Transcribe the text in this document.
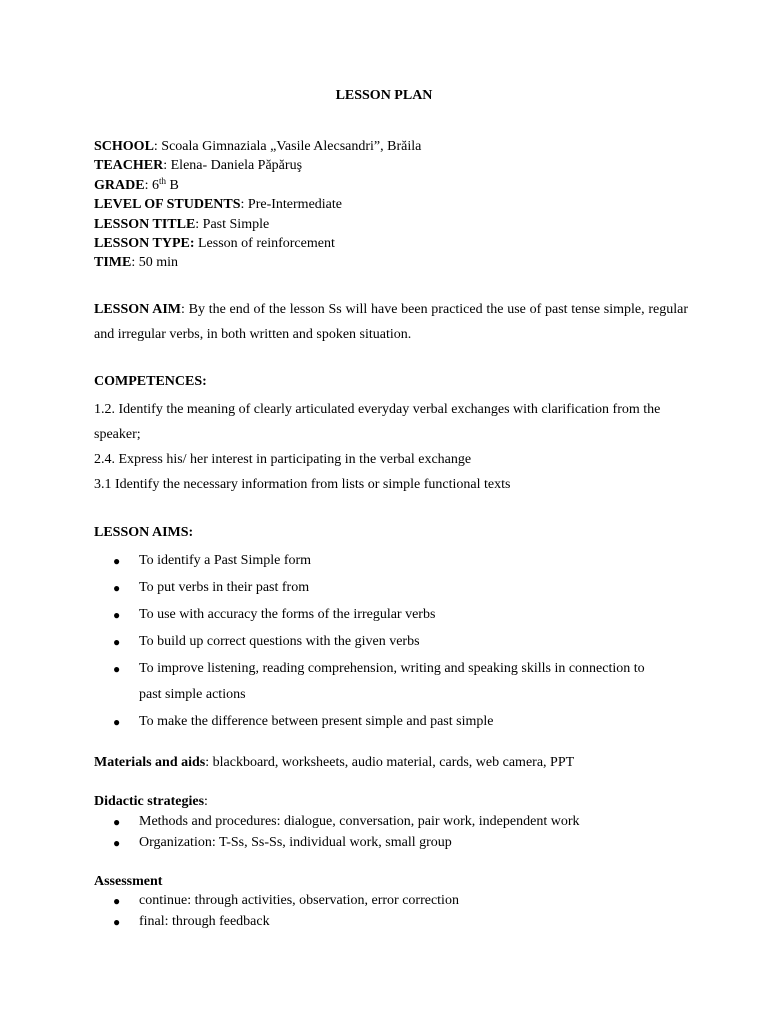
LESSON PLAN
SCHOOL: Scoala Gimnaziala „Vasile Alecsandri”, Brăila
TEACHER: Elena- Daniela Păpăruş
GRADE: 6th B
LEVEL OF STUDENTS: Pre-Intermediate
LESSON TITLE: Past Simple
LESSON TYPE: Lesson of reinforcement
TIME: 50 min
LESSON AIM: By the end of the lesson Ss will have been practiced the use of past tense simple, regular and irregular verbs, in both written and spoken situation.
COMPETENCES:
1.2. Identify the meaning of clearly articulated everyday verbal exchanges with clarification from the speaker;
2.4. Express his/ her interest in participating in the verbal exchange
3.1 Identify the necessary information from lists or simple functional texts
LESSON AIMS:
● To identify a Past Simple form
● To put verbs in their past from
● To use with accuracy the forms of the irregular verbs
● To build up correct questions with the given verbs
● To improve listening, reading comprehension, writing and speaking skills in connection to past simple actions
● To make the difference between present simple and past simple
Materials and aids: blackboard, worksheets, audio material, cards, web camera, PPT
Didactic strategies:
● Methods and procedures: dialogue, conversation, pair work, independent work
● Organization: T-Ss, Ss-Ss, individual work, small group
Assessment
● continue: through activities, observation, error correction
● final: through feedback
